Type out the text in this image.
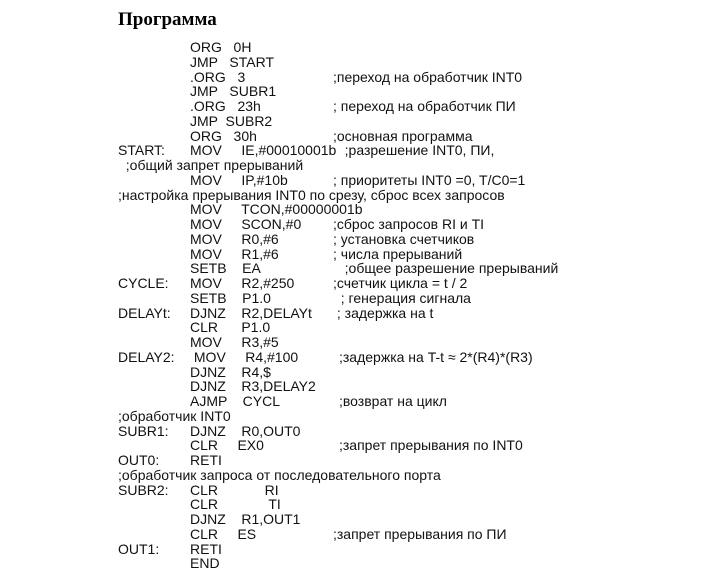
Программа
ORG   0H
JMP   START
.ORG   3	;переход на обработчик INT0
JMP   SUBR1
.ORG   23h	; переход на обработчик ПИ
JMP  SUBR2
ORG   30h	;основная программа
START: MOV     IE,#00010001b
;разрешение INT0, ПИ,
;общий запрет прерываний
MOV     IP,#10b	; приоритеты INT0 =0, T/C0=1
;настройка прерывания INT0 по срезу, сброс всех запросов
MOV     TCON,#00000001b
MOV     SCON,#0 ;сброс запросов RI и TI
MOV     R0,#6	; установка счетчиков
MOV     R1,#6	; числа прерываний
SETB    EA	;общее разрешение прерываний
CYCLE: MOV     R2,#250	;счетчик цикла = t / 2
SETB    P1.0	; генерация сигнала
DELAYt: DJNZ    R2,DELAYt ; задержка на t
CLR      P1.0
MOV     R3,#5
DELAY2: MOV     R4,#100	;задержка на T-t ≈ 2*(R4)*(R3)
DJNZ    R4,$
DJNZ    R3,DELAY2
AJMP    CYCL	;возврат на цикл
;обработчик INT0
SUBR1: DJNZ    R0,OUT0
CLR     EX0	;запрет прерывания по INT0
OUT0: RETI
;обработчик запроса от последовательного порта
SUBR2: CLR            RI
CLR             TI
DJNZ    R1,OUT1
CLR     ES	;запрет прерывания по ПИ
OUT1: RETI
END
